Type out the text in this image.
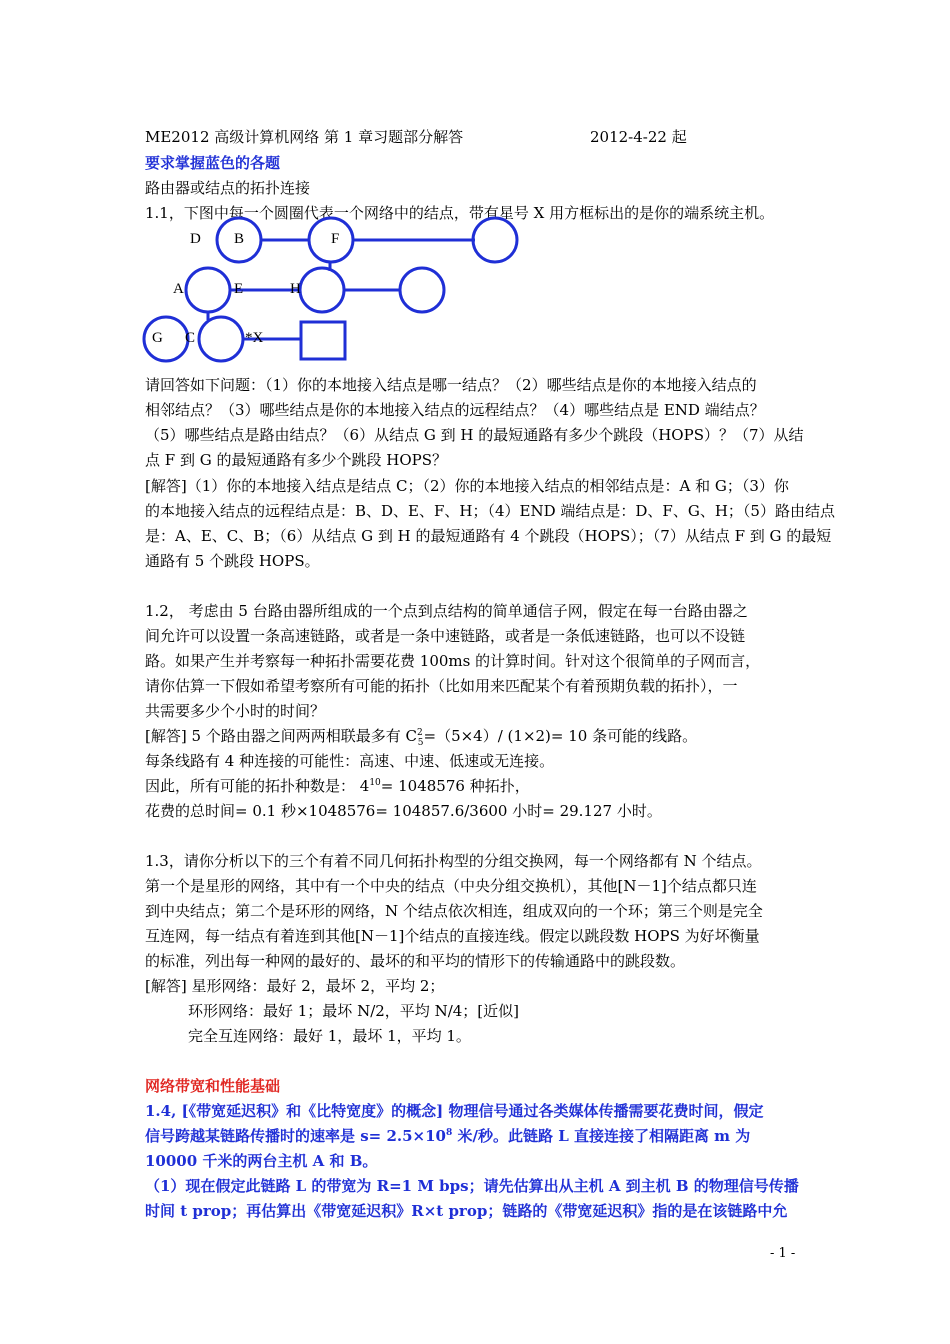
ME2012 高级计算机网络 第 1 章习题部分解答	2012-4-22 起
要求掌握蓝色的各题
路由器或结点的拓扑连接
1.1，下图中每一个圆圈代表一个网络中的结点，带有星号 X 用方框标出的是你的端系统主机。
D B	F
A	E	H
G C	*X
请回答如下问题：（1）你的本地接入结点是哪一结点？（2）哪些结点是你的本地接入结点的
相邻结点？（3）哪些结点是你的本地接入结点的远程结点？（4）哪些结点是 END 端结点？
（5）哪些结点是路由结点？（6）从结点 G 到 H 的最短通路有多少个跳段（HOPS）？（7）从结
点 F 到 G 的最短通路有多少个跳段 HOPS？
[解答]（1）你的本地接入结点是结点 C；（2）你的本地接入结点的相邻结点是：A 和 G；（3）你
的本地接入结点的远程结点是：B、D、E、F、H；（4）END 端结点是：D、F、G、H；（5）路由结点
是：A、E、C、B；（6）从结点 G 到 H 的最短通路有 4 个跳段（HOPS）；（7）从结点 F 到 G 的最短
通路有 5 个跳段 HOPS。
1.2， 考虑由 5 台路由器所组成的一个点到点结构的简单通信子网，假定在每一台路由器之
间允许可以设置一条高速链路，或者是一条中速链路，或者是一条低速链路，也可以不设链
路。如果产生并考察每一种拓扑需要花费 100ms 的计算时间。针对这个很简单的子网而言，
请你估算一下假如希望考察所有可能的拓扑（比如用来匹配某个有着预期负载的拓扑），一
共需要多少个小时的时间？
[解答] 5 个路由器之间两两相联最多有 $C^2_5=(5\times 4)/$ (1×2)= 10 条可能的线路。
每条线路有 4 种连接的可能性：高速、中速、低速或无连接。
因此，所有可能的拓扑种数是： $4^{10}= 1048576$ 种拓扑，
花费的总时间= 0.1 秒×1048576= 104857.6/3600 小时= 29.127 小时。
1.3，请你分析以下的三个有着不同几何拓扑构型的分组交换网，每一个网络都有 N 个结点。
第一个是星形的网络，其中有一个中央的结点（中央分组交换机），其他[N－1]个结点都只连
到中央结点；第二个是环形的网络，N 个结点依次相连，组成双向的一个环；第三个则是完全
互连网，每一结点有着连到其他[N－1]个结点的直接连线。假定以跳段数 HOPS 为好坏衡量
的标准，列出每一种网的最好的、最坏的和平均的情形下的传输通路中的跳段数。
[解答] 星形网络：最好 2，最坏 2，平均 2；
环形网络：最好 1；最坏 N/2，平均 N/4；[近似]
完全互连网络：最好 1，最坏 1，平均 1。
网络带宽和性能基础
1.4, [《带宽延迟积》和《比特宽度》的概念] 物理信号通过各类媒体传播需要花费时间，假定
信号跨越某链路传播时的速率是 $s= 2.5\times 10^8$ 米/秒。此链路 L 直接连接了相隔距离 m 为
10000 千米的两台主机 A 和 B。
（1）现在假定此链路 L 的带宽为 R=1 M bps；请先估算出从主机 A 到主机 B 的物理信号传播
时间 t prop；再估算出《带宽延迟积》R×t prop；链路的《带宽延迟积》指的是在该链路中允
- 1 -
